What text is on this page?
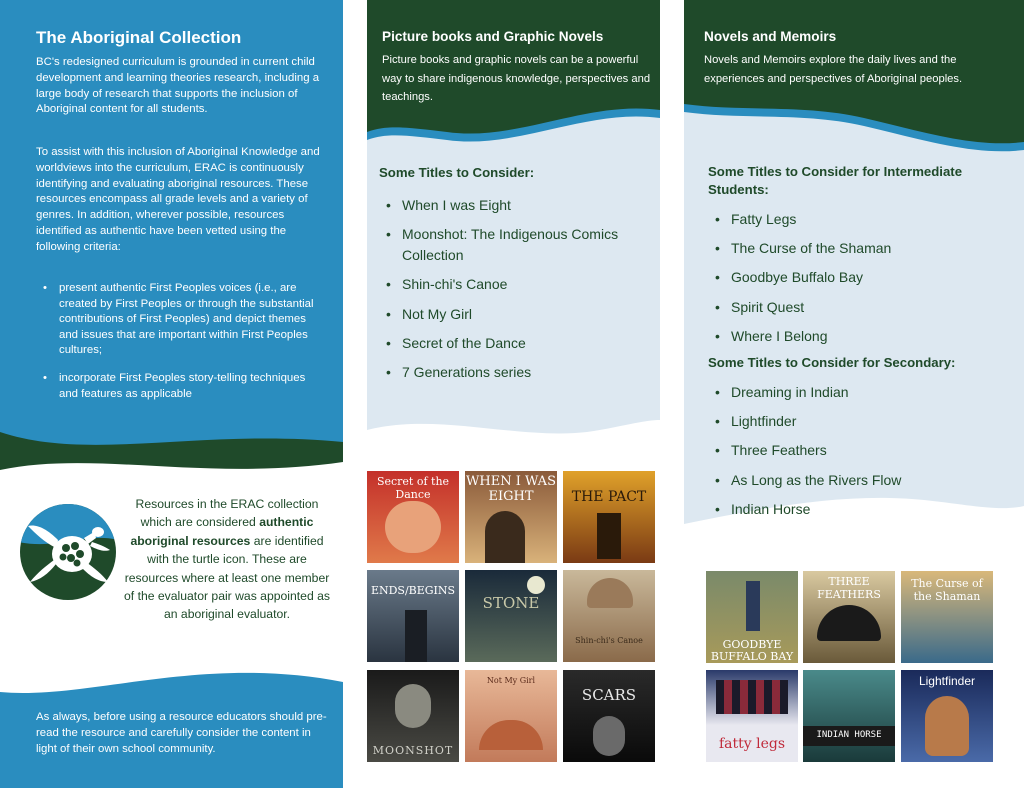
The Aboriginal Collection

BC's redesigned curriculum is grounded in current child development and learning theories research, including a large body of research that supports the inclusion of Aboriginal content for all students.

To assist with this inclusion of Aboriginal Knowledge and worldviews into the curriculum, ERAC is continuously identifying and evaluating aboriginal resources. These resources encompass all grade levels and a variety of genres. In addition, wherever possible, resources identified as authentic have been vetted using the following criteria:

• present authentic First Peoples voices (i.e., are created by First Peoples or through the substantial contributions of First Peoples) and depict themes and issues that are important within First Peoples cultures;
• incorporate First Peoples story-telling techniques and features as applicable

Resources in the ERAC collection which are considered authentic aboriginal resources are identified with the turtle icon. These are resources where at least one member of the evaluator pair was appointed as an aboriginal evaluator.

As always, before using a resource educators should pre-read the resource and carefully consider the content in light of their own school community.

Picture books and Graphic Novels

Picture books and graphic novels can be a powerful way to share indigenous knowledge, perspectives and teachings.

Some Titles to Consider:
• When I was Eight
• Moonshot: The Indigenous Comics Collection
• Shin-chi's Canoe
• Not My Girl
• Secret of the Dance
• 7 Generations series
Secret of the Dance
WHEN I WAS EIGHT	THE PACT
ENDS/BEGINS
STONE
Shin-chi's Canoe
MOONSHOT
Not My Girl
SCARS
Novels and Memoirs

Novels and Memoirs explore the daily lives and the experiences and perspectives of Aboriginal peoples.

Some Titles to Consider for Intermediate Students:
• Fatty Legs
• The Curse of the Shaman
• Goodbye Buffalo Bay
• Spirit Quest
• Where I Belong
Some Titles to Consider for Secondary:
• Dreaming in Indian
• Lightfinder
• Three Feathers
• As Long as the Rivers Flow
• Indian Horse
GOODBYE BUFFALO BAY
THREE FEATHERS
The Curse of the Shaman
fatty legs
INDIAN HORSE
Lightfinder
